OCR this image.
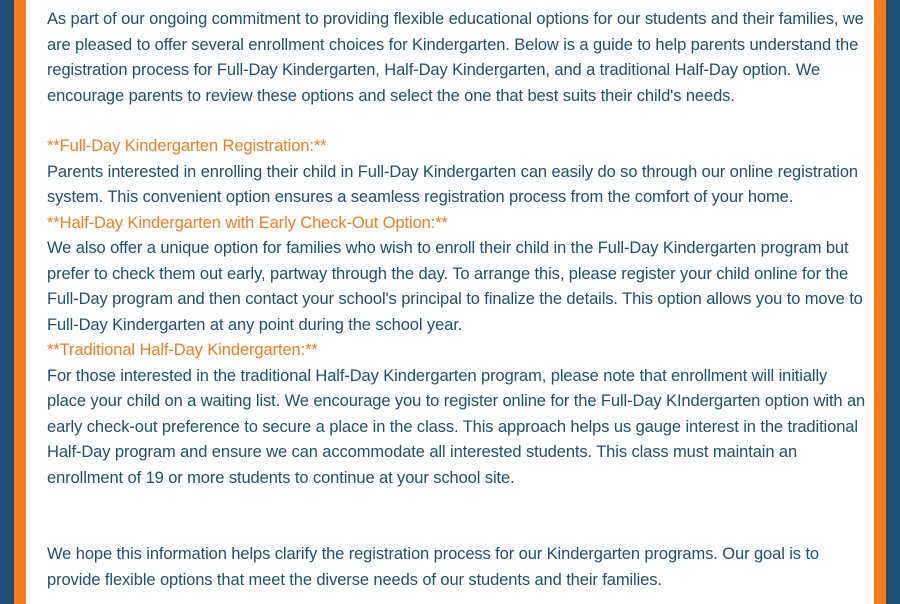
As part of our ongoing commitment to providing flexible educational options for our students and their families, we are pleased to offer several enrollment choices for Kindergarten. Below is a guide to help parents understand the registration process for Full-Day Kindergarten, Half-Day Kindergarten, and a traditional Half-Day option. We encourage parents to review these options and select the one that best suits their child's needs.

**Full-Day Kindergarten Registration:**

Parents interested in enrolling their child in Full-Day Kindergarten can easily do so through our online registration system. This convenient option ensures a seamless registration process from the comfort of your home.

**Half-Day Kindergarten with Early Check-Out Option:**

We also offer a unique option for families who wish to enroll their child in the Full-Day Kindergarten program but prefer to check them out early, partway through the day. To arrange this, please register your child online for the Full-Day program and then contact your school's principal to finalize the details. This option allows you to move to Full-Day Kindergarten at any point during the school year.

**Traditional Half-Day Kindergarten:**

For those interested in the traditional Half-Day Kindergarten program, please note that enrollment will initially place your child on a waiting list. We encourage you to register online for the Full-Day KIndergarten option with an early check-out preference to secure a place in the class. This approach helps us gauge interest in the traditional Half-Day program and ensure we can accommodate all interested students. This class must maintain an enrollment of 19 or more students to continue at your school site.

We hope this information helps clarify the registration process for our Kindergarten programs. Our goal is to provide flexible options that meet the diverse needs of our students and their families.
